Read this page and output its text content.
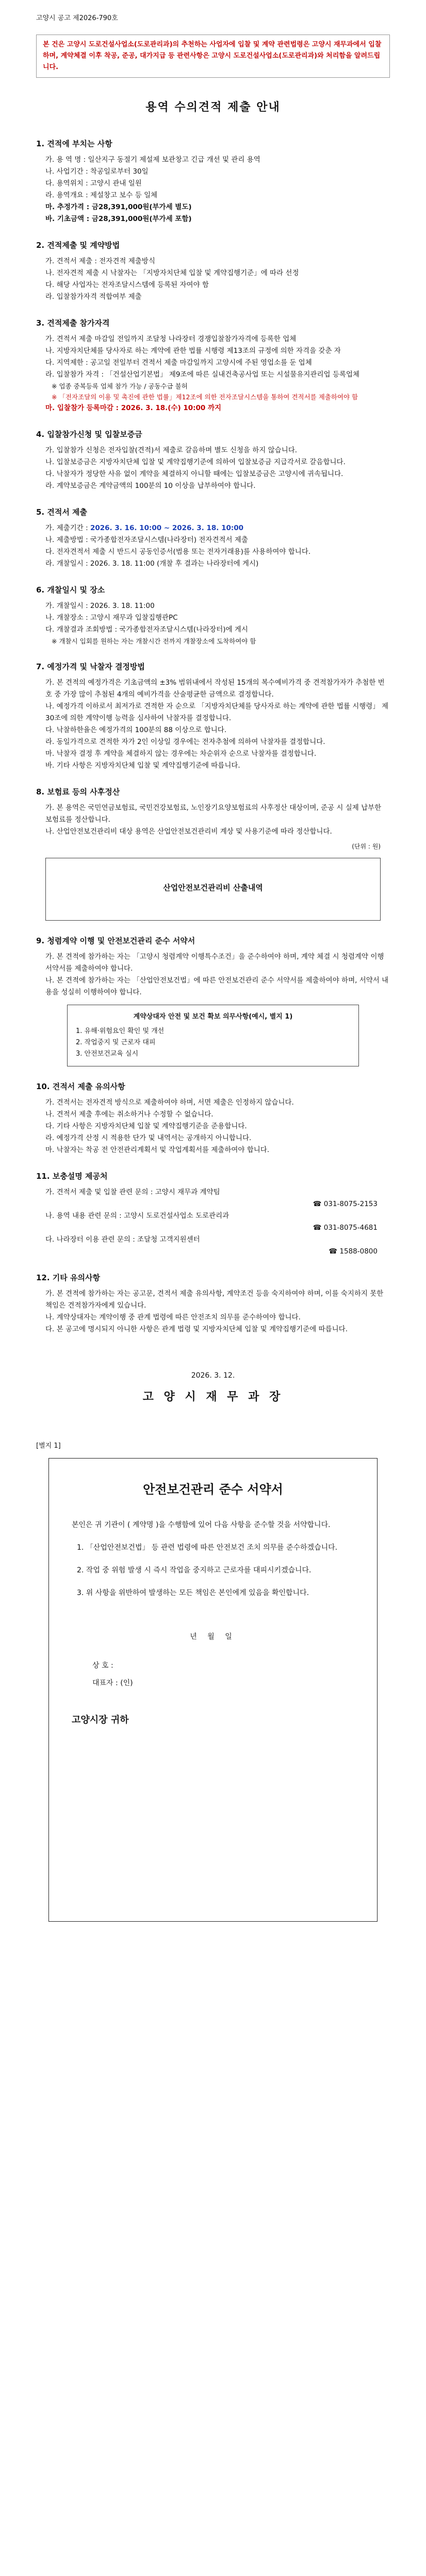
고양시 공고 제2026-790호
본 건은 고양시 도로건설사업소(도로관리과)의 추천하는 사업자에 입찰 및 계약 관련법령은 고양시 재무과에서 입찰하며, 계약체결 이후 착공, 준공, 대가지급 등 관련사항은 고양시 도로건설사업소(도로관리과)와 처리함을 알려드립니다.
용역 수의견적 제출 안내
1. 견적에 부치는 사항
가. 용 역 명 : 일산지구 동절기 제설제 보관창고 긴급 개선 및 관리 용역
나. 사업기간 : 착공일로부터 30일
다. 용역위치 : 고양시 관내 일원
라. 용역개요 : 제설창고 보수 등 일체
마. 추정가격 : 금28,391,000원(부가세 별도)
바. 기초금액 : 금28,391,000원(부가세 포함)
2. 견적제출 및 계약방법
가. 견적서 제출 : 전자견적 제출방식
나. 전자견적 제출 시 낙찰자는 「지방자치단체 입찰 및 계약집행기준」에 따라 선정
다. 해당 사업자는 전자조달시스템에 등록된 자여야 함
라. 입찰참가자격 적합여부 제출
3. 견적제출 참가자격
가. 견적서 제출 마감일 전일까지 조달청 나라장터 경쟁입찰참가자격에 등록한 업체
나. 지방자치단체를 당사자로 하는 계약에 관한 법률 시행령 제13조의 규정에 의한 자격을 갖춘 자
다. 지역제한 : 공고일 전일부터 견적서 제출 마감일까지 고양시에 주된 영업소를 둔 업체
라. 입찰참가 자격 : 「건설산업기본법」 제9조에 따른 실내건축공사업 또는 시설물유지관리업 등록업체
※ 업종 중복등록 업체 참가 가능 / 공동수급 불허
※ 「전자조달의 이용 및 촉진에 관한 법률」제12조에 의한 전자조달시스템을 통하여 견적서를 제출하여야 함
마. 입찰참가 등록마감 : 2026. 3. 18.(수) 10:00 까지
4. 입찰참가신청 및 입찰보증금
가. 입찰참가 신청은 전자입찰(견적)서 제출로 갈음하며 별도 신청을 하지 않습니다.
나. 입찰보증금은 지방자치단체 입찰 및 계약집행기준에 의하여 입찰보증금 지급각서로 갈음합니다.
다. 낙찰자가 정당한 사유 없이 계약을 체결하지 아니할 때에는 입찰보증금은 고양시에 귀속됩니다.
라. 계약보증금은 계약금액의 100분의 10 이상을 납부하여야 합니다.
5. 견적서 제출
가. 제출기간 : 2026. 3. 16. 10:00 ~ 2026. 3. 18. 10:00
나. 제출방법 : 국가종합전자조달시스템(나라장터) 전자견적서 제출
다. 전자견적서 제출 시 반드시 공동인증서(범용 또는 전자거래용)를 사용하여야 합니다.
라. 개찰일시 : 2026. 3. 18. 11:00 (개찰 후 결과는 나라장터에 게시)
6. 개찰일시 및 장소
가. 개찰일시 : 2026. 3. 18. 11:00
나. 개찰장소 : 고양시 재무과 입찰집행관PC
다. 개찰결과 조회방법 : 국가종합전자조달시스템(나라장터)에 게시
※ 개찰시 입회를 원하는 자는 개찰시간 전까지 개찰장소에 도착하여야 함
7. 예정가격 및 낙찰자 결정방법
가. 본 견적의 예정가격은 기초금액의 ±3% 범위내에서 작성된 15개의 복수예비가격 중 견적참가자가 추첨한 번호 중 가장 많이 추첨된 4개의 예비가격을 산술평균한 금액으로 결정합니다.
나. 예정가격 이하로서 최저가로 견적한 자 순으로 「지방자치단체를 당사자로 하는 계약에 관한 법률 시행령」 제30조에 의한 계약이행 능력을 심사하여 낙찰자를 결정합니다.
다. 낙찰하한율은 예정가격의 100분의 88 이상으로 합니다.
라. 동일가격으로 견적한 자가 2인 이상일 경우에는 전자추첨에 의하여 낙찰자를 결정합니다.
마. 낙찰자 결정 후 계약을 체결하지 않는 경우에는 차순위자 순으로 낙찰자를 결정합니다.
바. 기타 사항은 지방자치단체 입찰 및 계약집행기준에 따릅니다.
8. 보험료 등의 사후정산
가. 본 용역은 국민연금보험료, 국민건강보험료, 노인장기요양보험료의 사후정산 대상이며, 준공 시 실제 납부한 보험료를 정산합니다.
나. 산업안전보건관리비 대상 용역은 산업안전보건관리비 계상 및 사용기준에 따라 정산합니다.
(단위 : 원)
산업안전보건관리비 산출내역
9. 청렴계약 이행 및 안전보건관리 준수 서약서
가. 본 견적에 참가하는 자는 「고양시 청렴계약 이행특수조건」을 준수하여야 하며, 계약 체결 시 청렴계약 이행 서약서를 제출하여야 합니다.
나. 본 견적에 참가하는 자는 「산업안전보건법」에 따른 안전보건관리 준수 서약서를 제출하여야 하며, 서약서 내용을 성실히 이행하여야 합니다.
계약상대자 안전 및 보건 확보 의무사항(예시, 별지 1)
1. 유해·위험요인 확인 및 개선
2. 작업중지 및 근로자 대피
3. 안전보건교육 실시
10. 견적서 제출 유의사항
가. 견적서는 전자견적 방식으로 제출하여야 하며, 서면 제출은 인정하지 않습니다.
나. 견적서 제출 후에는 취소하거나 수정할 수 없습니다.
다. 기타 사항은 지방자치단체 입찰 및 계약집행기준을 준용합니다.
라. 예정가격 산정 시 적용한 단가 및 내역서는 공개하지 아니합니다.
마. 낙찰자는 착공 전 안전관리계획서 및 작업계획서를 제출하여야 합니다.
11. 보충설명 제공처
가. 견적서 제출 및 입찰 관련 문의 : 고양시 재무과 계약팀
☎ 031-8075-2153
나. 용역 내용 관련 문의 : 고양시 도로건설사업소 도로관리과
☎ 031-8075-4681
다. 나라장터 이용 관련 문의 : 조달청 고객지원센터
☎ 1588-0800
12. 기타 유의사항
가. 본 견적에 참가하는 자는 공고문, 견적서 제출 유의사항, 계약조건 등을 숙지하여야 하며, 이를 숙지하지 못한 책임은 견적참가자에게 있습니다.
나. 계약상대자는 계약이행 중 관계 법령에 따른 안전조치 의무를 준수하여야 합니다.
다. 본 공고에 명시되지 아니한 사항은 관계 법령 및 지방자치단체 입찰 및 계약집행기준에 따릅니다.
2026. 3. 12.
고 양 시 재 무 과 장
[별지 1]
안전보건관리 준수 서약서
본인은 귀 기관이 ( 계약명 )을 수행함에 있어 다음 사항을 준수할 것을 서약합니다.
1. 「산업안전보건법」 등 관련 법령에 따른 안전보건 조치 의무를 준수하겠습니다.
2. 작업 중 위험 발생 시 즉시 작업을 중지하고 근로자를 대피시키겠습니다.
3. 위 사항을 위반하여 발생하는 모든 책임은 본인에게 있음을 확인합니다.
년 월 일
상 호 :
대표자 : (인)
고양시장 귀하
